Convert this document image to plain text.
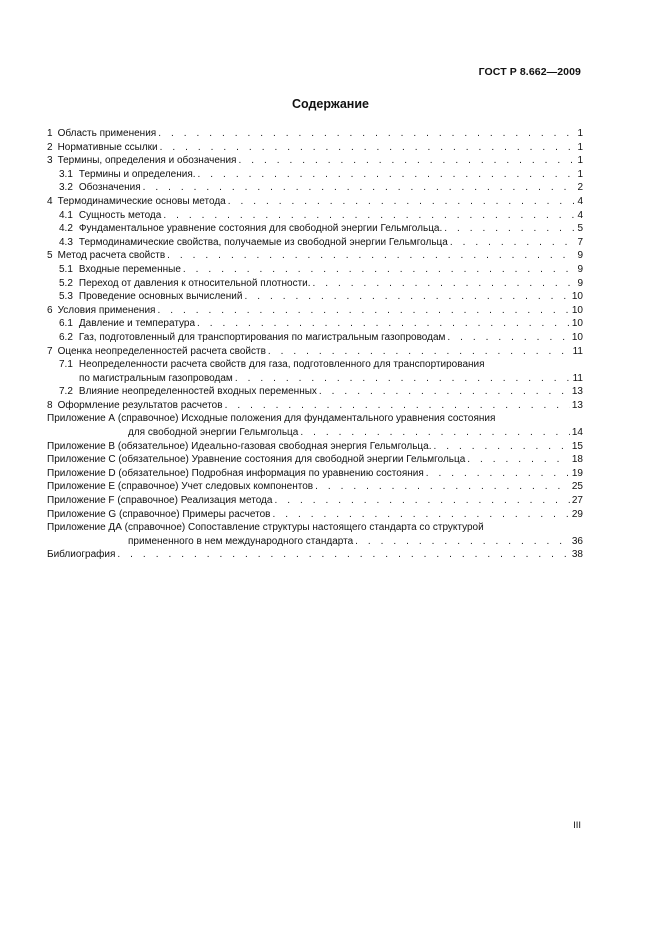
ГОСТ Р 8.662—2009
Содержание
1 Область применения . . .	1
2 Нормативные ссылки . . .	1
3 Термины, определения и обозначения . . .	1
3.1 Термины и определения. . . .	1
3.2 Обозначения . . .	2
4 Термодинамические основы метода . . .	4
4.1 Сущность метода . . .	4
4.2 Фундаментальное уравнение состояния для свободной энергии Гельмгольца. . . .	5
4.3 Термодинамические свойства, получаемые из свободной энергии Гельмгольца . . .	7
5 Метод расчета свойств . . .	9
5.1 Входные переменные . . .	9
5.2 Переход от давления к относительной плотности. . . .	9
5.3 Проведение основных вычислений . . .	10
6 Условия применения . . .	10
6.1 Давление и температура . . .	10
6.2 Газ, подготовленный для транспортирования по магистральным газопроводам . . .	10
7 Оценка неопределенностей расчета свойств . . .	11
7.1 Неопределенности расчета свойств для газа, подготовленного для транспортирования
по магистральным газопроводам . . .	11
7.2 Влияние неопределенностей входных переменных . . .	13
8 Оформление результатов расчетов . . .	13
Приложение А (справочное) Исходные положения для фундаментального уравнения состояния
для свободной энергии Гельмгольца . . .	14
Приложение В (обязательное) Идеально-газовая свободная энергия Гельмгольца. . . .	15
Приложение С (обязательное) Уравнение состояния для свободной энергии Гельмгольца . . .	18
Приложение D (обязательное) Подробная информация по уравнению состояния . . .	19
Приложение Е (справочное) Учет следовых компонентов . . .	25
Приложение F (справочное) Реализация метода . . .	27
Приложение G (справочное) Примеры расчетов . . .	29
Приложение ДА (справочное) Сопоставление структуры настоящего стандарта со структурой
примененного в нем международного стандарта . . .	36
Библиография . . .	38
III
